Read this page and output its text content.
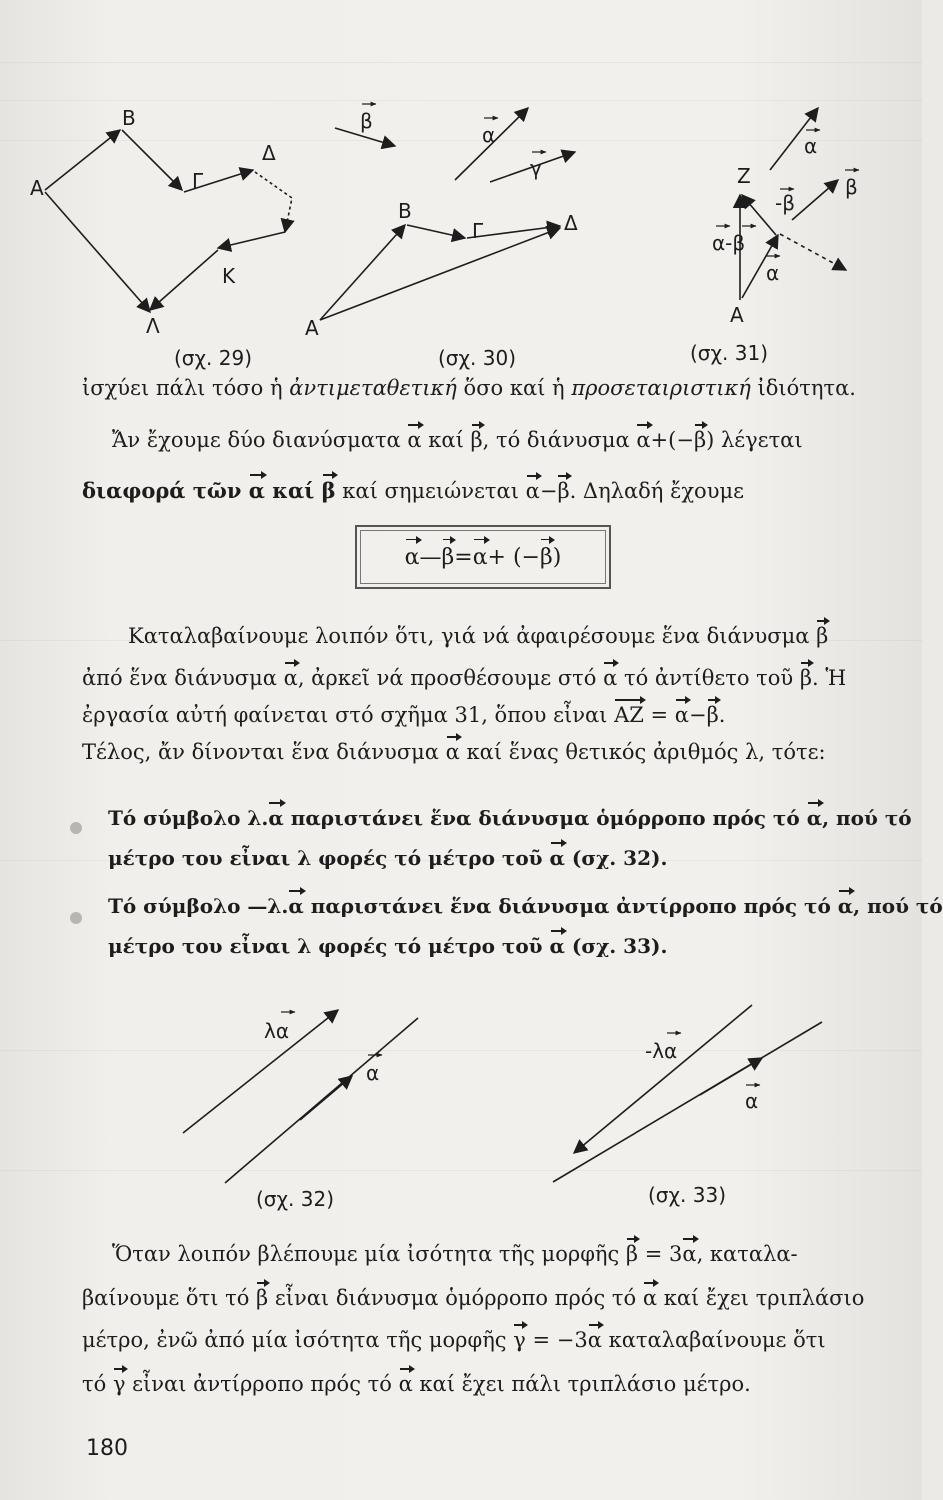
Α
Β
Γ
Δ
Κ
Λ
(σχ. 29)
β
α
γ
Β
Γ	Δ
Α
(σχ. 30)
α
β
Ζ
-β
α-β
α
Α
(σχ. 31)
ἰσχύει πάλι τόσο ἡ ἀντιμεταθετική ὅσο καί ἡ προσεταιριστική ἰδιότητα.
Ἄν ἔχουμε δύο διανύσματα α καί β, τό διάνυσμα α+(−β) λέγεται
διαφορά τῶν α καί β καί σημειώνεται α−β. Δηλαδή ἔχουμε
α — β = α + (− β )
Καταλαβαίνουμε λοιπόν ὅτι, γιά νά ἀφαιρέσουμε ἕνα διάνυσμα β
ἀπό ἕνα διάνυσμα α, ἀρκεῖ νά προσθέσουμε στό α τό ἀντίθετο τοῦ β. Ἡ
ἐργασία αὐτή φαίνεται στό σχῆμα 31, ὅπου εἶναι ΑΖ = α−β.
Τέλος, ἄν δίνονται ἕνα διάνυσμα α καί ἕνας θετικός ἀριθμός λ, τότε:
Τό σύμβολο λ.α παριστάνει ἕνα διάνυσμα ὁμόρροπο πρός τό α, πού τό
μέτρο του εἶναι λ φορές τό μέτρο τοῦ α (σχ. 32).
Τό σύμβολο —λ.α παριστάνει ἕνα διάνυσμα ἀντίρροπο πρός τό α, πού τό
μέτρο του εἶναι λ φορές τό μέτρο τοῦ α (σχ. 33).
λα
α
(σχ. 32)
-λα
α
(σχ. 33)
Ὅταν λοιπόν βλέπουμε μία ἰσότητα τῆς μορφῆς β = 3α, καταλα-
βαίνουμε ὅτι τό β εἶναι διάνυσμα ὁμόρροπο πρός τό α καί ἔχει τριπλάσιο
μέτρο, ἐνῶ ἀπό μία ἰσότητα τῆς μορφῆς γ = −3α καταλαβαίνουμε ὅτι
τό γ εἶναι ἀντίρροπο πρός τό α καί ἔχει πάλι τριπλάσιο μέτρο.
180
